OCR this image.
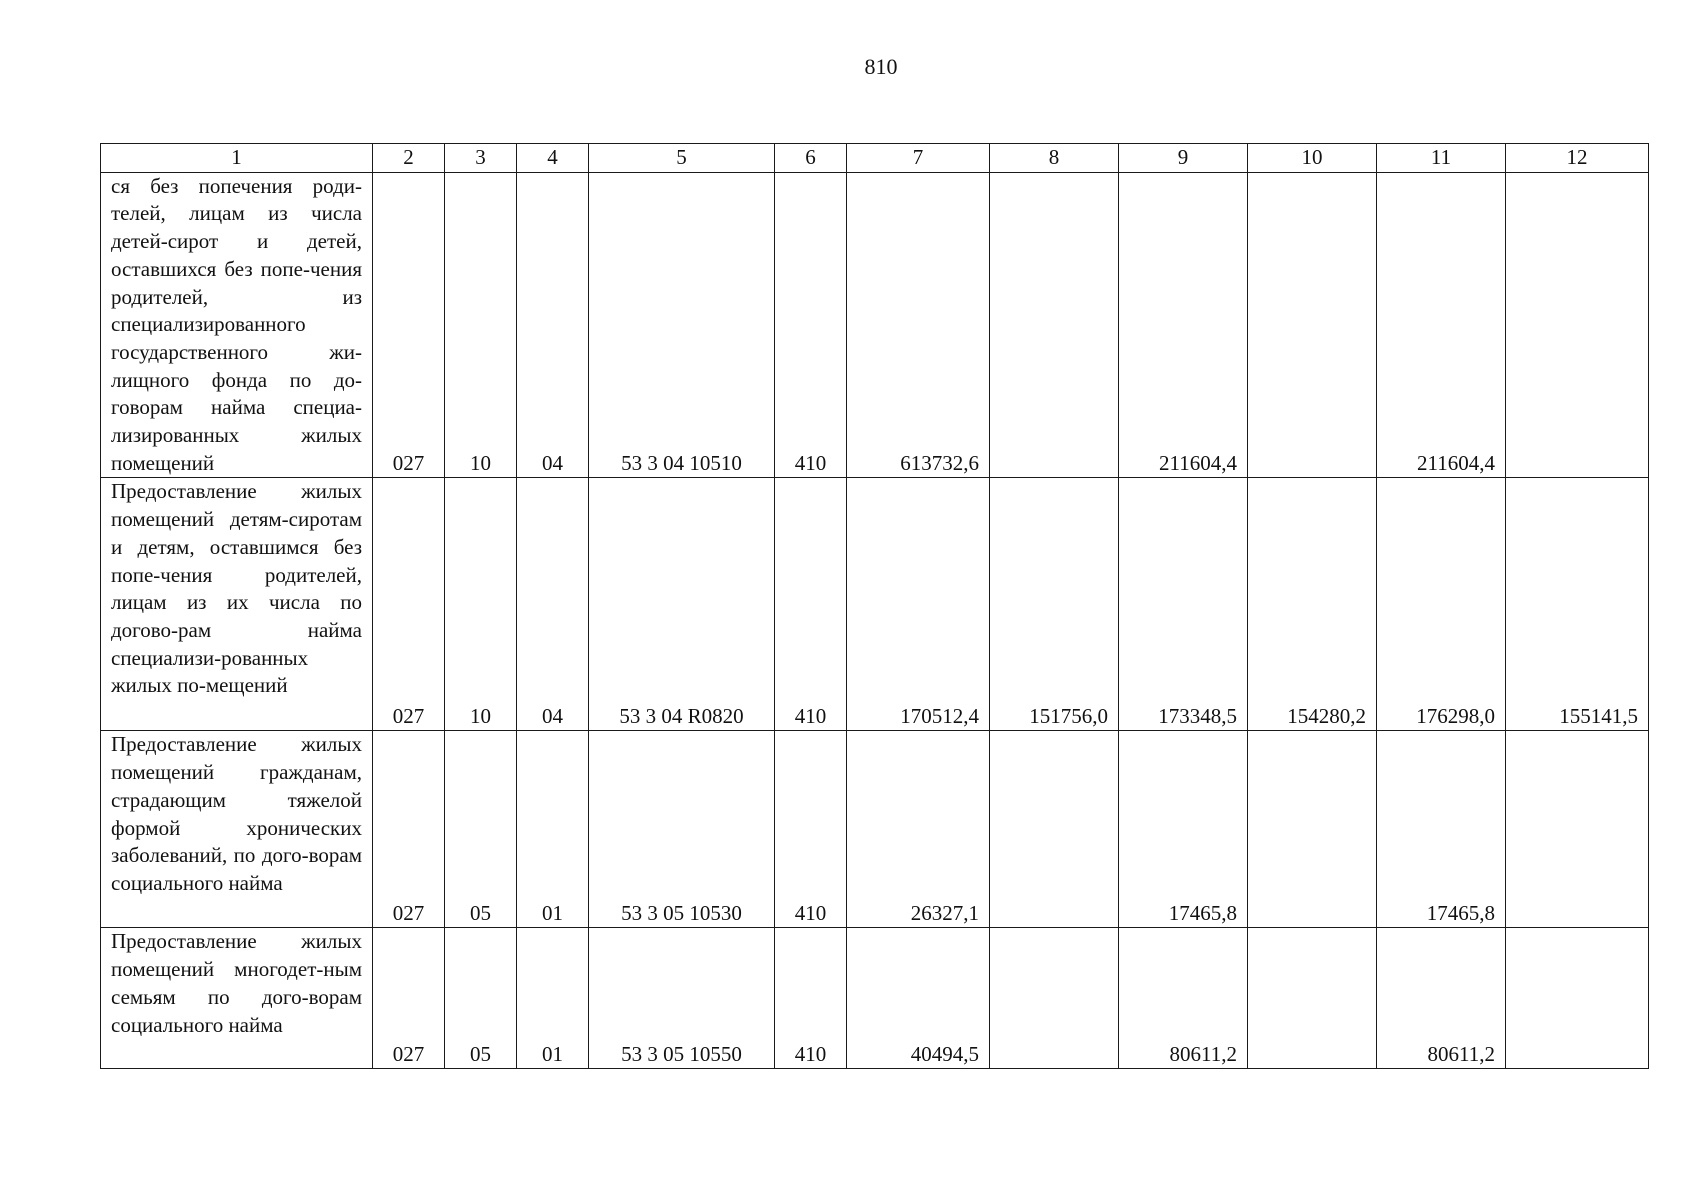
810
1	2	3	4	5	6	7	8	9	10	11	12
ся без попечения роди-телей, лицам из числа детей-сирот и детей, оставшихся без попе-чения родителей, из специализированного государственного жи-лищного фонда по до-говорам найма специа-лизированных жилых помещений	027	10	04	53 3 04 10510	410	613732,6		211604,4		211604,4	
Предоставление жилых помещений детям-сиротам и детям, оставшимся без попе-чения родителей, лицам из их числа по догово-рам найма специализи-рованных жилых по-мещений	027	10	04	53 3 04 R0820	410	170512,4	151756,0	173348,5	154280,2	176298,0	155141,5
Предоставление жилых помещений гражданам, страдающим тяжелой формой хронических заболеваний, по дого-ворам социального найма	027	05	01	53 3 05 10530	410	26327,1		17465,8		17465,8	
Предоставление жилых помещений многодет-ным семьям по дого-ворам социального найма	027	05	01	53 3 05 10550	410	40494,5		80611,2		80611,2	
